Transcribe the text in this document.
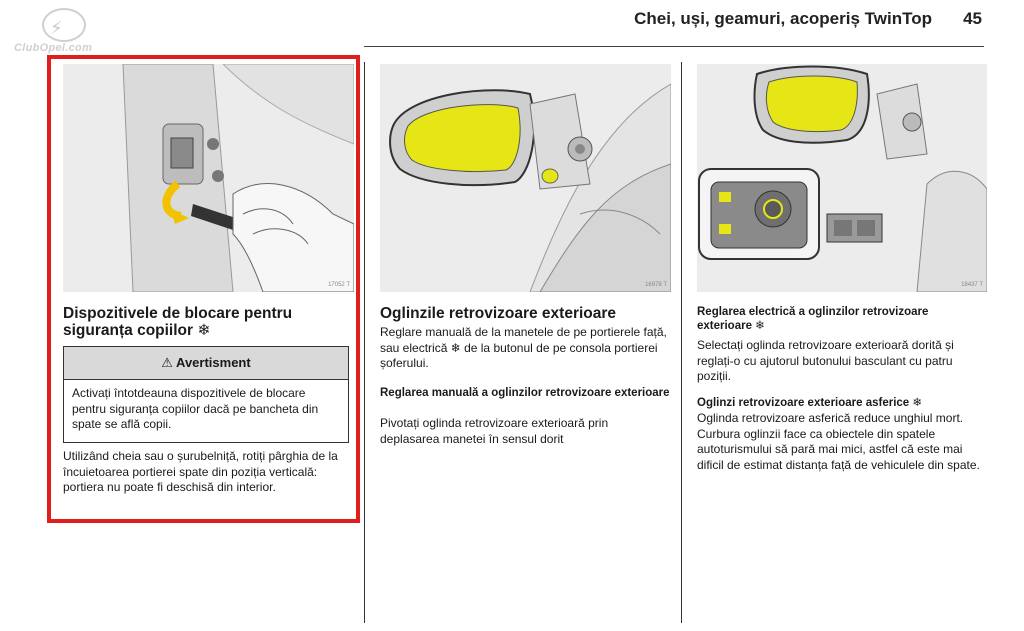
⚡
ClubOpel.com
Chei, uși, geamuri, acoperiș TwinTop 45
17052 T
Dispozitivele de blocare pentru siguranța copiilor ❄
⚠ Avertisment
Activați întotdeauna dispozitivele de blocare pentru siguranța copiilor dacă pe bancheta din spate se află copii.
Utilizând cheia sau o șurubelniță, rotiți pârghia de la încuietoarea portierei spate din poziția verticală: portiera nu poate fi deschisă din interior.
16978 T
Oglinzile retrovizoare exterioare
Reglare manuală de la manetele de pe portierele față, sau electrică ❄ de la butonul de pe consola portierei șoferului.
Reglarea manuală a oglinzilor retrovizoare exterioare
Pivotați oglinda retrovizoare exterioară prin deplasarea manetei în sensul dorit
18437 T
Reglarea electrică a oglinzilor retrovizoare exterioare ❄
Selectați oglinda retrovizoare exterioară dorită și reglați-o cu ajutorul butonului basculant cu patru poziții.
Oglinzi retrovizoare exterioare asferice ❄
Oglinda retrovizoare asferică reduce unghiul mort. Curbura oglinzii face ca obiectele din spatele autoturismului să pară mai mici, astfel că este mai dificil de estimat distanța față de vehiculele din spate.
